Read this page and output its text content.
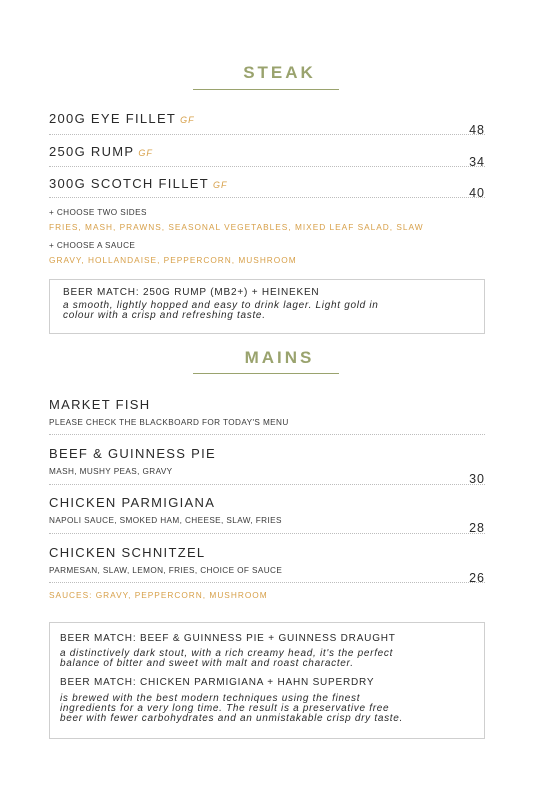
STEAK
200G EYE FILLET GF
48
250G RUMP GF
34
300G SCOTCH FILLET GF
40
+ CHOOSE TWO SIDES
FRIES, MASH, PRAWNS, SEASONAL VEGETABLES, MIXED LEAF SALAD, SLAW
+ CHOOSE A SAUCE
GRAVY, HOLLANDAISE, PEPPERCORN, MUSHROOM
BEER MATCH: 250G RUMP (MB2+) + HEINEKEN
a smooth, lightly hopped and easy to drink lager. Light gold in
colour with a crisp and refreshing taste.
MAINS
MARKET FISH
PLEASE CHECK THE BLACKBOARD FOR TODAY'S MENU
BEEF & GUINNESS PIE
MASH, MUSHY PEAS, GRAVY
30
CHICKEN PARMIGIANA
NAPOLI SAUCE, SMOKED HAM, CHEESE, SLAW, FRIES
28
CHICKEN SCHNITZEL
PARMESAN, SLAW, LEMON, FRIES, CHOICE OF SAUCE
26
SAUCES: GRAVY, PEPPERCORN, MUSHROOM
BEER MATCH: BEEF & GUINNESS PIE + GUINNESS DRAUGHT
a distinctively dark stout, with a rich creamy head, it's the perfect
balance of bitter and sweet with malt and roast character.
BEER MATCH: CHICKEN PARMIGIANA + HAHN SUPERDRY
is brewed with the best modern techniques using the finest
ingredients for a very long time. The result is a preservative free
beer with fewer carbohydrates and an unmistakable crisp dry taste.
